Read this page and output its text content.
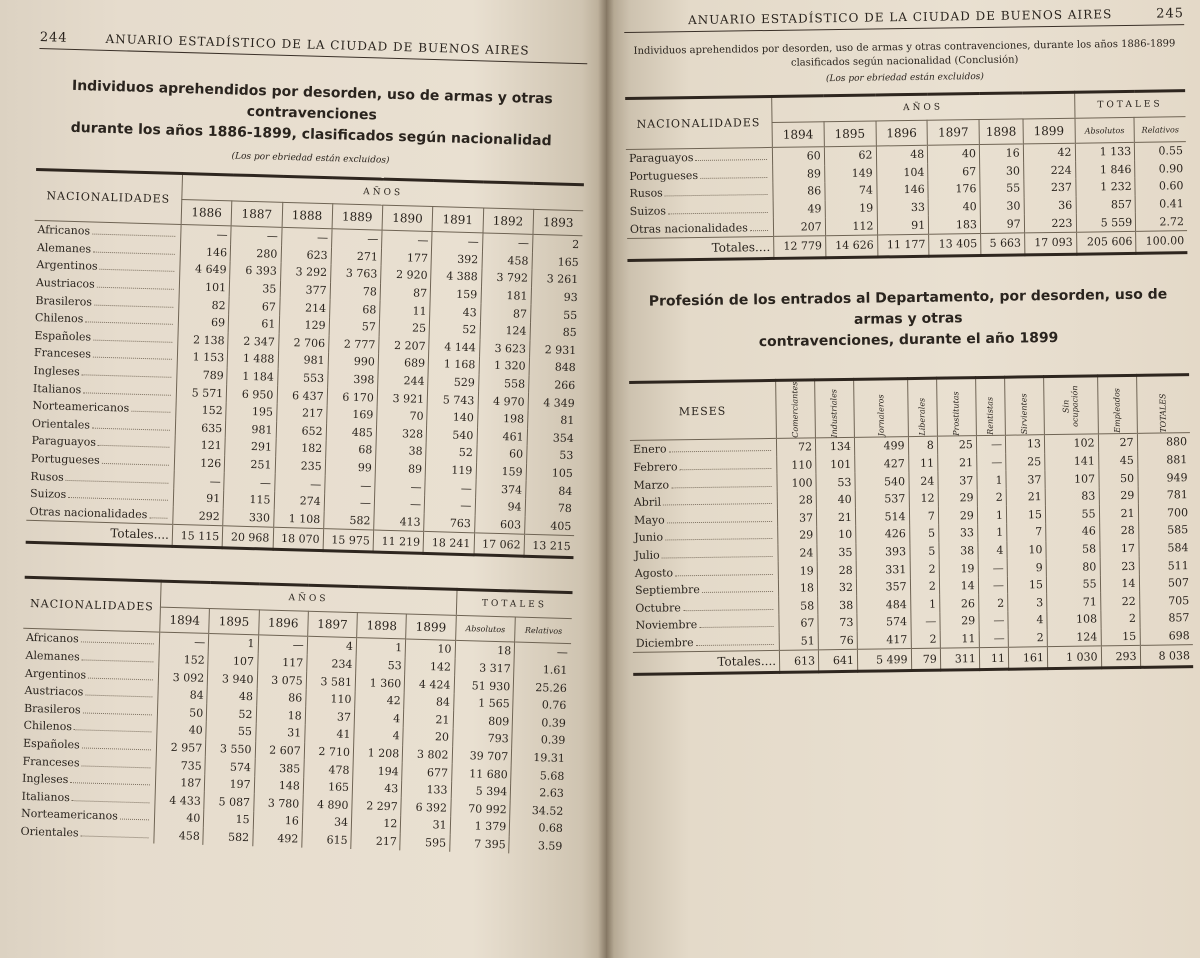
244	ANUARIO ESTADÍSTICO DE LA CIUDAD DE BUENOS AIRES
Individuos aprehendidos por desorden, uso de armas y otras contravenciones
durante los años 1886-1899, clasificados según nacionalidad
(Los por ebriedad están excluidos)
NACIONALIDADES	AÑOS							
	1886	1887	1888	1889	1890	1891	1892	1893

Africanos	—	—	—	—	—	—	—	2

Alemanes	146	280	623	271	177	392	458	165

Argentinos	4 649	6 393	3 292	3 763	2 920	4 388	3 792	3 261

Austriacos	101	35	377	78	87	159	181	93

Brasileros	82	67	214	68	11	43	87	55

Chilenos	69	61	129	57	25	52	124	85

Españoles	2 138	2 347	2 706	2 777	2 207	4 144	3 623	2 931

Franceses	1 153	1 488	981	990	689	1 168	1 320	848

Ingleses	789	1 184	553	398	244	529	558	266

Italianos	5 571	6 950	6 437	6 170	3 921	5 743	4 970	4 349

Norteamericanos	152	195	217	169	70	140	198	81

Orientales	635	981	652	485	328	540	461	354

Paraguayos	121	291	182	68	38	52	60	53

Portugueses	126	251	235	99	89	119	159	105

Rusos	—	—	—	—	—	—	374	84

Suizos	91	115	274	—	—	—	94	78

Otras nacionalidades	292	330	1 108	582	413	763	603	405
Totales....	15 115	20 968	18 070	15 975	11 219	18 241	17 062	13 215
NACIONALIDADES	AÑOS						TOTALES	
	1894	1895	1896	1897	1898	1899	Absolutos	Relativos

Africanos	—	1	—	4	1	10	18	—

Alemanes	152	107	117	234	53	142	3 317	1.61

Argentinos	3 092	3 940	3 075	3 581	1 360	4 424	51 930	25.26

Austriacos	84	48	86	110	42	84	1 565	0.76

Brasileros	50	52	18	37	4	21	809	0.39

Chilenos	40	55	31	41	4	20	793	0.39

Españoles	2 957	3 550	2 607	2 710	1 208	3 802	39 707	19.31

Franceses	735	574	385	478	194	677	11 680	5.68

Ingleses	187	197	148	165	43	133	5 394	2.63

Italianos	4 433	5 087	3 780	4 890	2 297	6 392	70 992	34.52

Norteamericanos	40	15	16	34	12	31	1 379	0.68

Orientales	458	582	492	615	217	595	7 395	3.59
ANUARIO ESTADÍSTICO DE LA CIUDAD DE BUENOS AIRES	245
Individuos aprehendidos por desorden, uso de armas y otras contravenciones, durante los años 1886-1899
clasificados según nacionalidad (Conclusión)
(Los por ebriedad están excluidos)
NACIONALIDADES	AÑOS						TOTALES	
	1894	1895	1896	1897	1898	1899	Absolutos	Relativos

Paraguayos	60	62	48	40	16	42	1 133	0.55

Portugueses	89	149	104	67	30	224	1 846	0.90

Rusos	86	74	146	176	55	237	1 232	0.60

Suizos	49	19	33	40	30	36	857	0.41

Otras nacionalidades	207	112	91	183	97	223	5 559	2.72
Totales....	12 779	14 626	11 177	13 405	5 663	17 093	205 606	100.00
Profesión de los entrados al Departamento, por desorden, uso de armas y otras
contravenciones, durante el año 1899
MESES	Comerciantes	Industriales	Jornaleros	Liberales	Prostitutas	Rentistas	Sirvientes	Sin ocupación	Empleados	TOTALES

Enero	72	134	499	8	25	—	13	102	27	880

Febrero	110	101	427	11	21	—	25	141	45	881

Marzo	100	53	540	24	37	1	37	107	50	949

Abril	28	40	537	12	29	2	21	83	29	781

Mayo	37	21	514	7	29	1	15	55	21	700

Junio	29	10	426	5	33	1	7	46	28	585

Julio	24	35	393	5	38	4	10	58	17	584

Agosto	19	28	331	2	19	—	9	80	23	511

Septiembre	18	32	357	2	14	—	15	55	14	507

Octubre	58	38	484	1	26	2	3	71	22	705

Noviembre	67	73	574	—	29	—	4	108	2	857

Diciembre	51	76	417	2	11	—	2	124	15	698
Totales....	613	641	5 499	79	311	11	161	1 030	293	8 038
